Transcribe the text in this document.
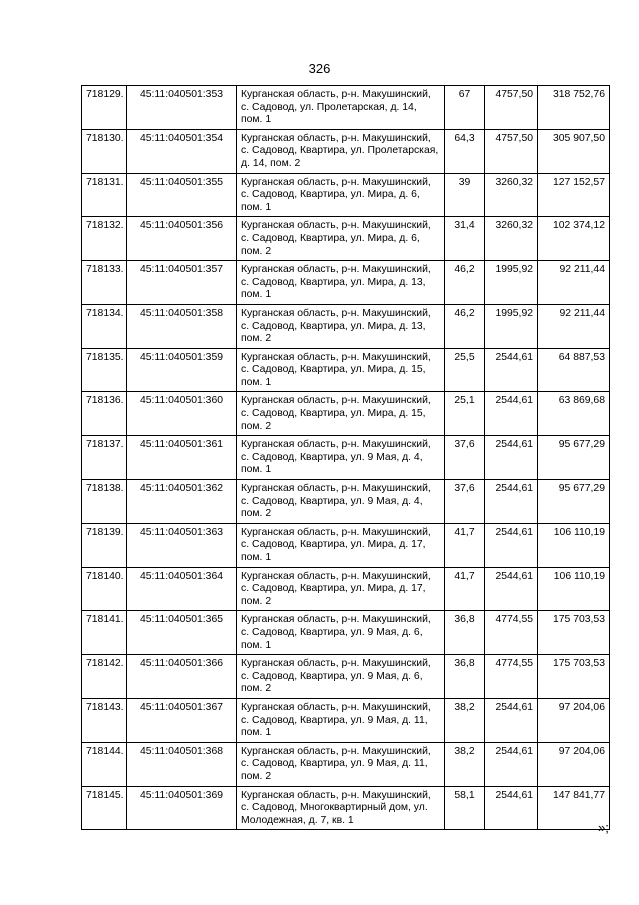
326
718129.	45:11:040501:353	Курганская область, р-н. Макушинский, с. Садовод, ул. Пролетарская, д. 14, пом. 1	67	4757,50	318 752,76
718130.	45:11:040501:354	Курганская область, р-н. Макушинский, с. Садовод, Квартира, ул. Пролетарская, д. 14, пом. 2	64,3	4757,50	305 907,50
718131.	45:11:040501:355	Курганская область, р-н. Макушинский, с. Садовод, Квартира, ул. Мира, д. 6, пом. 1	39	3260,32	127 152,57
718132.	45:11:040501:356	Курганская область, р-н. Макушинский, с. Садовод, Квартира, ул. Мира, д. 6, пом. 2	31,4	3260,32	102 374,12
718133.	45:11:040501:357	Курганская область, р-н. Макушинский, с. Садовод, Квартира, ул. Мира, д. 13, пом. 1	46,2	1995,92	92 211,44
718134.	45:11:040501:358	Курганская область, р-н. Макушинский, с. Садовод, Квартира, ул. Мира, д. 13, пом. 2	46,2	1995,92	92 211,44
718135.	45:11:040501:359	Курганская область, р-н. Макушинский, с. Садовод, Квартира, ул. Мира, д. 15, пом. 1	25,5	2544,61	64 887,53
718136.	45:11:040501:360	Курганская область, р-н. Макушинский, с. Садовод, Квартира, ул. Мира, д. 15, пом. 2	25,1	2544,61	63 869,68
718137.	45:11:040501:361	Курганская область, р-н. Макушинский, с. Садовод, Квартира, ул. 9 Мая, д. 4, пом. 1	37,6	2544,61	95 677,29
718138.	45:11:040501:362	Курганская область, р-н. Макушинский, с. Садовод, Квартира, ул. 9 Мая, д. 4, пом. 2	37,6	2544,61	95 677,29
718139.	45:11:040501:363	Курганская область, р-н. Макушинский, с. Садовод, Квартира, ул. Мира, д. 17, пом. 1	41,7	2544,61	106 110,19
718140.	45:11:040501:364	Курганская область, р-н. Макушинский, с. Садовод, Квартира, ул. Мира, д. 17, пом. 2	41,7	2544,61	106 110,19
718141.	45:11:040501:365	Курганская область, р-н. Макушинский, с. Садовод, Квартира, ул. 9 Мая, д. 6, пом. 1	36,8	4774,55	175 703,53
718142.	45:11:040501:366	Курганская область, р-н. Макушинский, с. Садовод, Квартира, ул. 9 Мая, д. 6, пом. 2	36,8	4774,55	175 703,53
718143.	45:11:040501:367	Курганская область, р-н. Макушинский, с. Садовод, Квартира, ул. 9 Мая, д. 11, пом. 1	38,2	2544,61	97 204,06
718144.	45:11:040501:368	Курганская область, р-н. Макушинский, с. Садовод, Квартира, ул. 9 Мая, д. 11, пом. 2	38,2	2544,61	97 204,06
718145.	45:11:040501:369	Курганская область, р-н. Макушинский, с. Садовод, Многоквартирный дом, ул. Молодежная, д. 7, кв. 1	58,1	2544,61	147 841,77
»;
